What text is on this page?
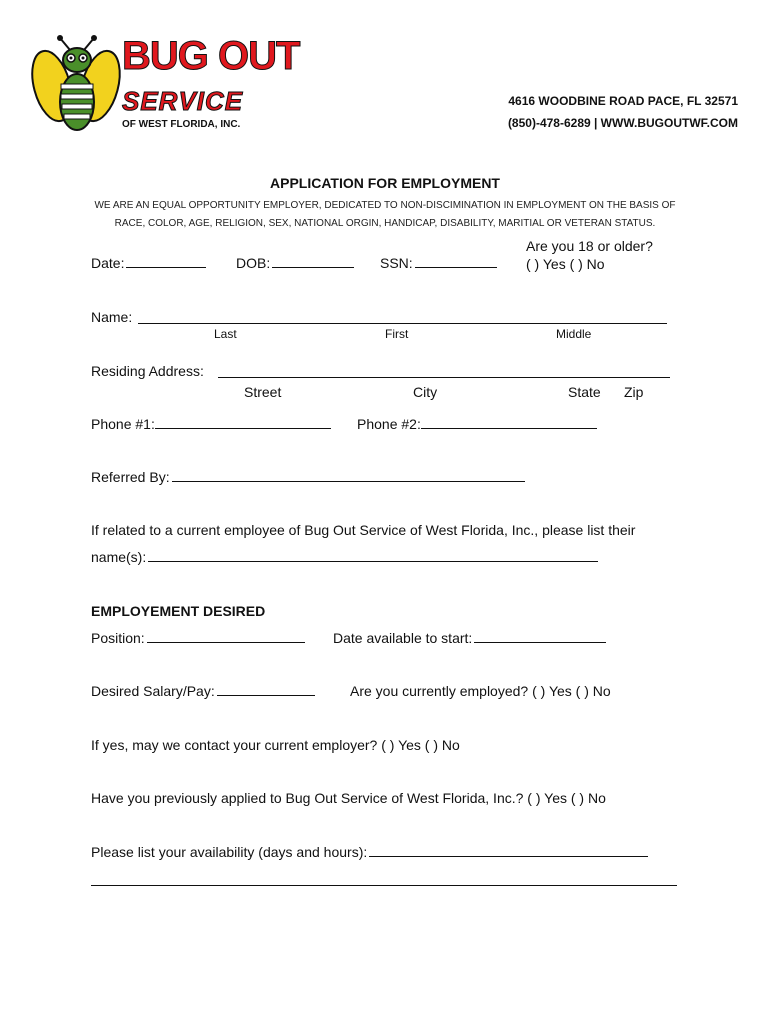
BUG OUT
SERVICE
OF WEST FLORIDA, INC.
4616 WOODBINE ROAD PACE, FL 32571
(850)-478-6289 | WWW.BUGOUTWF.COM
APPLICATION FOR EMPLOYMENT
WE ARE AN EQUAL OPPORTUNITY EMPLOYER, DEDICATED TO NON-DISCIMINATION IN EMPLOYMENT ON THE BASIS OF
RACE, COLOR, AGE, RELIGION, SEX, NATIONAL ORGIN, HANDICAP, DISABILITY, MARITIAL OR VETERAN STATUS.
Date:	DOB:	SSN:
Are you 18 or older?
( ) Yes ( ) No
Name:
Last	First	Middle
Residing Address:
Street	City	State Zip
Phone #1:	Phone #2:
Referred By:
If related to a current employee of Bug Out Service of West Florida, Inc., please list their
name(s):
EMPLOYEMENT DESIRED
Position:	Date available to start:
Desired Salary/Pay:	Are you currently employed? ( ) Yes ( ) No
If yes, may we contact your current employer? ( ) Yes ( ) No
Have you previously applied to Bug Out Service of West Florida, Inc.? ( ) Yes ( ) No
Please list your availability (days and hours):
